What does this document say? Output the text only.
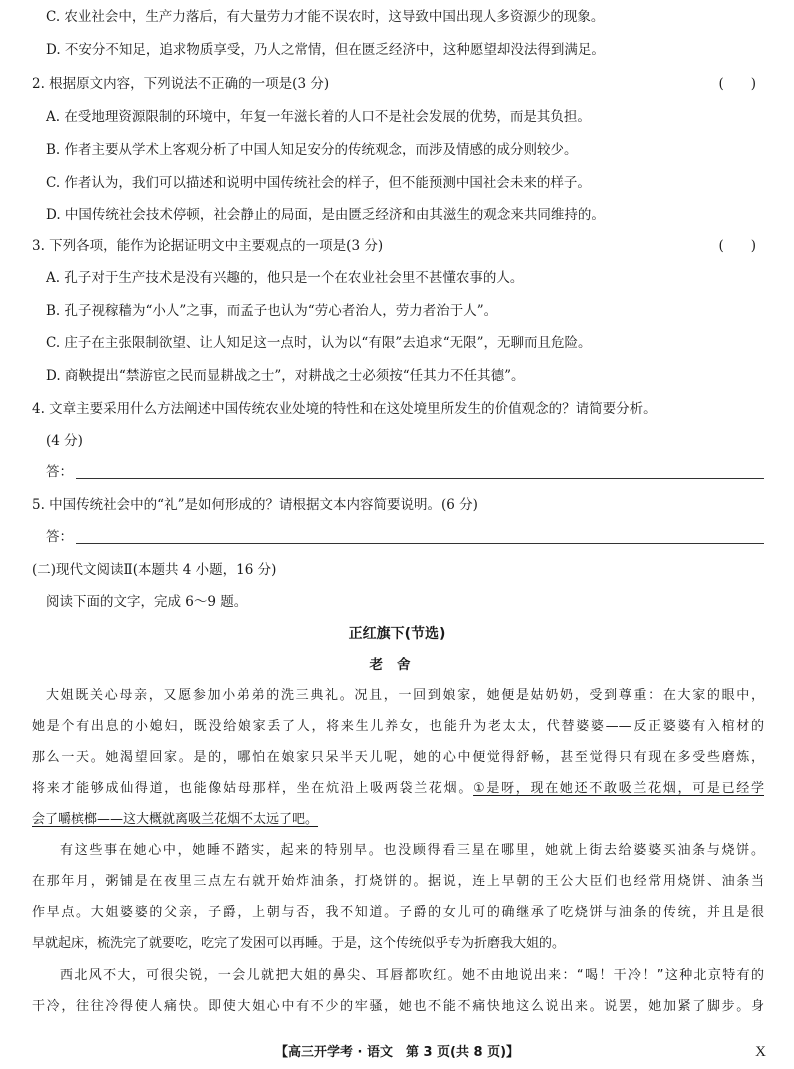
C. 农业社会中，生产力落后，有大量劳力才能不误农时，这导致中国出现人多资源少的现象。
D. 不安分不知足，追求物质享受，乃人之常情，但在匮乏经济中，这种愿望却没法得到满足。
2. 根据原文内容，下列说法不正确的一项是(3 分)	(　　)
A. 在受地理资源限制的环境中，年复一年滋长着的人口不是社会发展的优势，而是其负担。
B. 作者主要从学术上客观分析了中国人知足安分的传统观念，而涉及情感的成分则较少。
C. 作者认为，我们可以描述和说明中国传统社会的样子，但不能预测中国社会未来的样子。
D. 中国传统社会技术停顿，社会静止的局面，是由匮乏经济和由其滋生的观念来共同维持的。
3. 下列各项，能作为论据证明文中主要观点的一项是(3 分)	(　　)
A. 孔子对于生产技术是没有兴趣的，他只是一个在农业社会里不甚懂农事的人。
B. 孔子视稼穑为“小人”之事，而孟子也认为“劳心者治人，劳力者治于人”。
C. 庄子在主张限制欲望、让人知足这一点时，认为以“有限”去追求“无限”，无聊而且危险。
D. 商鞅提出“禁游宦之民而显耕战之士”，对耕战之士必须按“任其力不任其德”。
4. 文章主要采用什么方法阐述中国传统农业处境的特性和在这处境里所发生的价值观念的？请简要分析。
(4 分)
答：
5. 中国传统社会中的“礼”是如何形成的？请根据文本内容简要说明。(6 分)
答：
(二)现代文阅读Ⅱ(本题共 4 小题，16 分)
阅读下面的文字，完成 6～9 题。
正红旗下(节选)
老舍
大姐既关心母亲，又愿参加小弟弟的洗三典礼。况且，一回到娘家，她便是姑奶奶，受到尊重：在大家的眼中，
她是个有出息的小媳妇，既没给娘家丢了人，将来生儿养女，也能升为老太太，代替婆婆——反正婆婆有入棺材的
那么一天。她渴望回家。是的，哪怕在娘家只呆半天儿呢，她的心中便觉得舒畅，甚至觉得只有现在多受些磨炼，
将来才能够成仙得道，也能像姑母那样，坐在炕沿上吸两袋兰花烟。①是呀，现在她还不敢吸兰花烟，可是已经学
会了嚼槟榔——这大概就离吸兰花烟不太远了吧。
有这些事在她心中，她睡不踏实，起来的特别早。也没顾得看三星在哪里，她就上街去给婆婆买油条与烧饼。
在那年月，粥铺是在夜里三点左右就开始炸油条，打烧饼的。据说，连上早朝的王公大臣们也经常用烧饼、油条当
作早点。大姐婆婆的父亲，子爵，上朝与否，我不知道。子爵的女儿可的确继承了吃烧饼与油条的传统，并且是很
早就起床，梳洗完了就要吃，吃完了发困可以再睡。于是，这个传统似乎专为折磨我大姐的。
西北风不大，可很尖锐，一会儿就把大姐的鼻尖、耳唇都吹红。她不由地说出来：“喝！干冷！”这种北京特有的
干冷，往往冷得使人痛快。即使大姐心中有不少的牢骚，她也不能不痛快地这么说出来。说罢，她加紧了脚步。身
【高三开学考 · 语文　第 3 页(共 8 页)】	X
